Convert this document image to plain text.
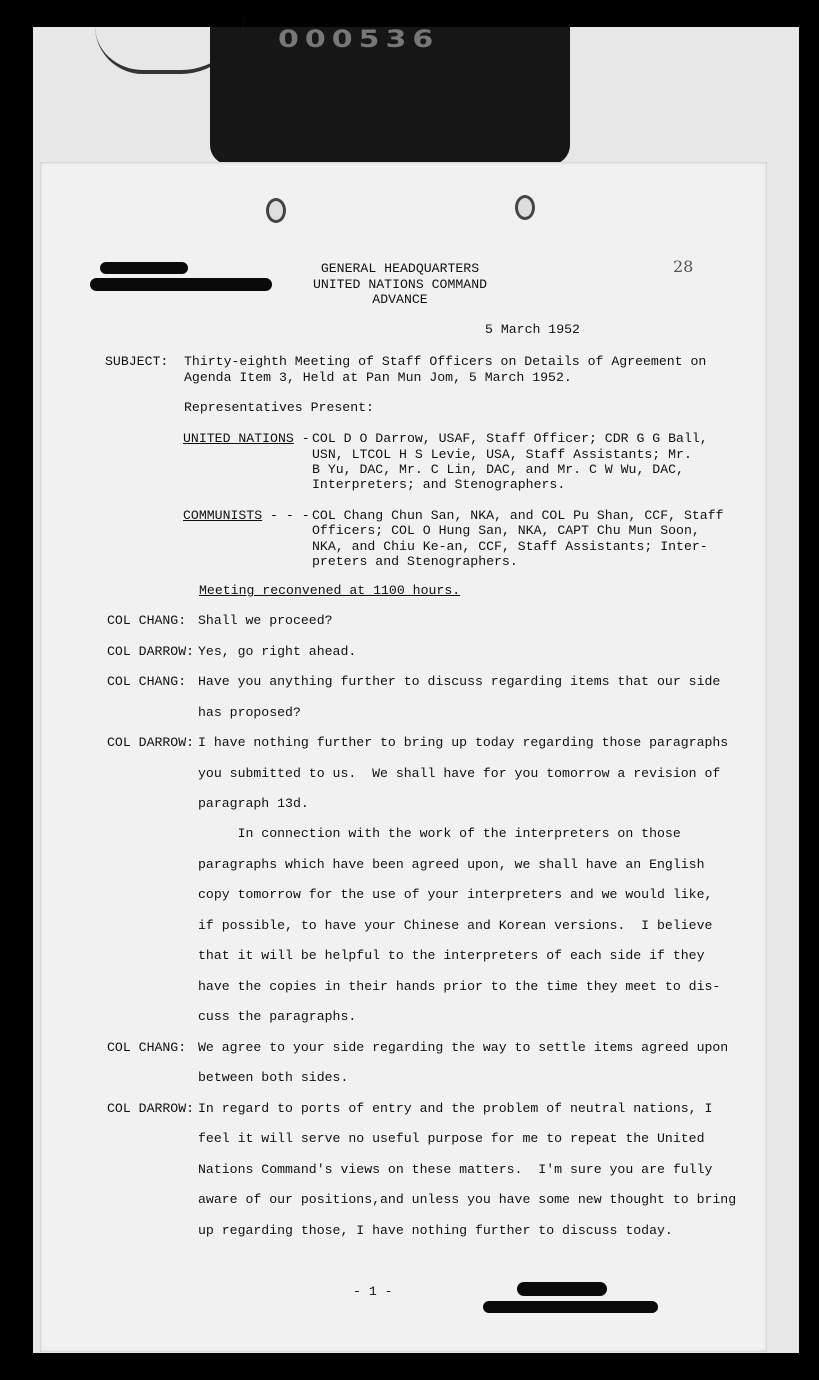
000536
GENERAL HEADQUARTERS
UNITED NATIONS COMMAND
ADVANCE
28
5 March 1952
SUBJECT: Thirty-eighth Meeting of Staff Officers on Details of Agreement on
Agenda Item 3, Held at Pan Mun Jom, 5 March 1952.
Representatives Present:
UNITED NATIONS -
COL D O Darrow, USAF, Staff Officer; CDR G G Ball,
USN, LTCOL H S Levie, USA, Staff Assistants; Mr.
B Yu, DAC, Mr. C Lin, DAC, and Mr. C W Wu, DAC,
Interpreters; and Stenographers.
COMMUNISTS - - -
COL Chang Chun San, NKA, and COL Pu Shan, CCF, Staff
Officers; COL O Hung San, NKA, CAPT Chu Mun Soon,
NKA, and Chiu Ke-an, CCF, Staff Assistants; Inter-
preters and Stenographers.
Meeting reconvened at 1100 hours.
COL CHANG: Shall we proceed?
COL DARROW: Yes, go right ahead.
COL CHANG: Have you anything further to discuss regarding items that our side
has proposed?
COL DARROW: I have nothing further to bring up today regarding those paragraphs
you submitted to us.  We shall have for you tomorrow a revision of
paragraph 13d.
In connection with the work of the interpreters on those
paragraphs which have been agreed upon, we shall have an English
copy tomorrow for the use of your interpreters and we would like,
if possible, to have your Chinese and Korean versions.  I believe
that it will be helpful to the interpreters of each side if they
have the copies in their hands prior to the time they meet to dis-
cuss the paragraphs.
COL CHANG: We agree to your side regarding the way to settle items agreed upon
between both sides.
COL DARROW: In regard to ports of entry and the problem of neutral nations, I
feel it will serve no useful purpose for me to repeat the United
Nations Command's views on these matters.  I'm sure you are fully
aware of our positions,and unless you have some new thought to bring
up regarding those, I have nothing further to discuss today.
- 1 -
